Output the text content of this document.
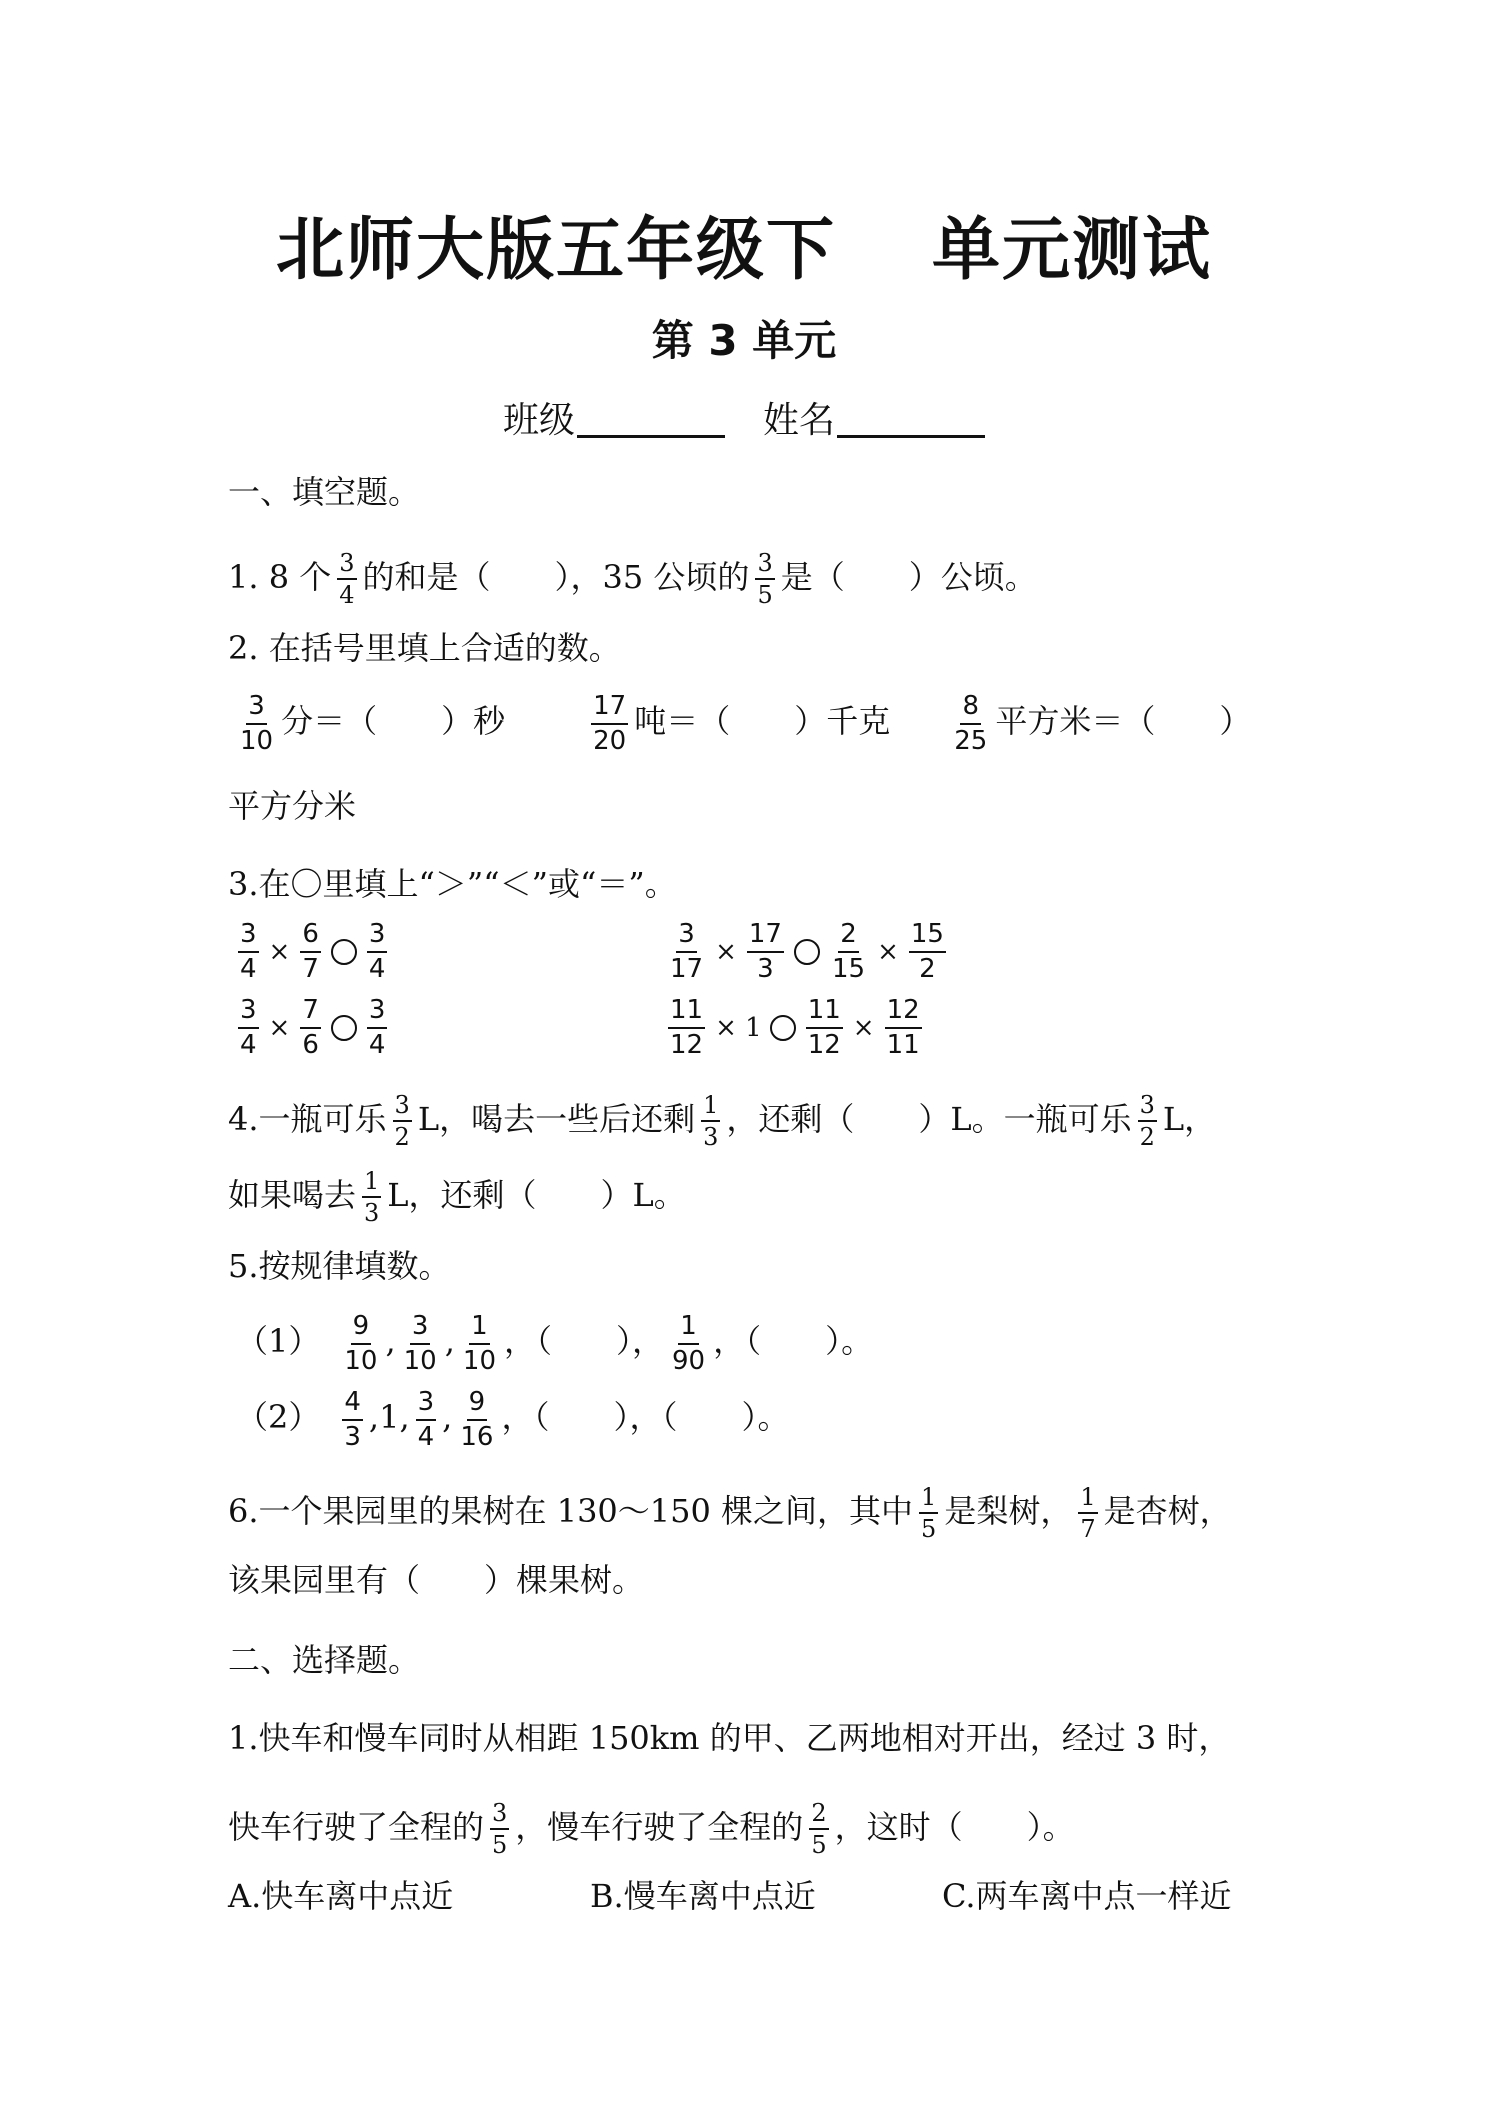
北师大版五年级下 单元测试
第 3 单元
班级	姓名
一、填空题。
1. 8 个 $\frac{3}{4}$ 的和是（　　），35 公顷的 $\frac{3}{5}$ 是（　　）公顷。
2. 在括号里填上合适的数。
$\frac{3}{10}$ 分＝（　　）秒	$\frac{17}{20}$ 吨＝（　　）千克 $\frac{8}{25}$ 平方米＝（　　）
平方分米
3.在〇里填上“＞”“＜”或“＝”。
$\frac{3}{4} \times \frac{6}{7} \frac{3}{4}$	$\frac{3}{17} \times \frac{17}{3} \frac{2}{15} \times \frac{15}{2}$
$\frac{3}{4} \times \frac{7}{6} \frac{3}{4}$	$\frac{11}{12} \times 1 \frac{11}{12} \times \frac{12}{11}$
4.一瓶可乐 $\frac{3}{2}$ L，喝去一些后还剩 $\frac{1}{3}$ ，还剩（　　）L。一瓶可乐 $\frac{3}{2}$ L，
如果喝去 $\frac{1}{3}$ L，还剩（　　）L。
5.按规律填数。
$(1) \frac{9}{10}$ , $\frac{3}{10}$ , $\frac{1}{10}$ ，（　　）， $\frac{1}{90}$ ，（　　）。
$(2) \frac{4}{3} ,1$, $\frac{3}{4}$ , $\frac{9}{16}$ ，（　　），（　　）。
6.一个果园里的果树在 130～150 棵之间，其中 $\frac{1}{5}$ 是梨树， $\frac{1}{7}$ 是杏树，
该果园里有（　　）棵果树。
二、选择题。
1.快车和慢车同时从相距 150km 的甲、乙两地相对开出，经过 3 时，
快车行驶了全程的 $\frac{3}{5}$ ，慢车行驶了全程的 $\frac{2}{5}$ ，这时（　　）。
A.快车离中点近	B.慢车离中点近	C.两车离中点一样近
